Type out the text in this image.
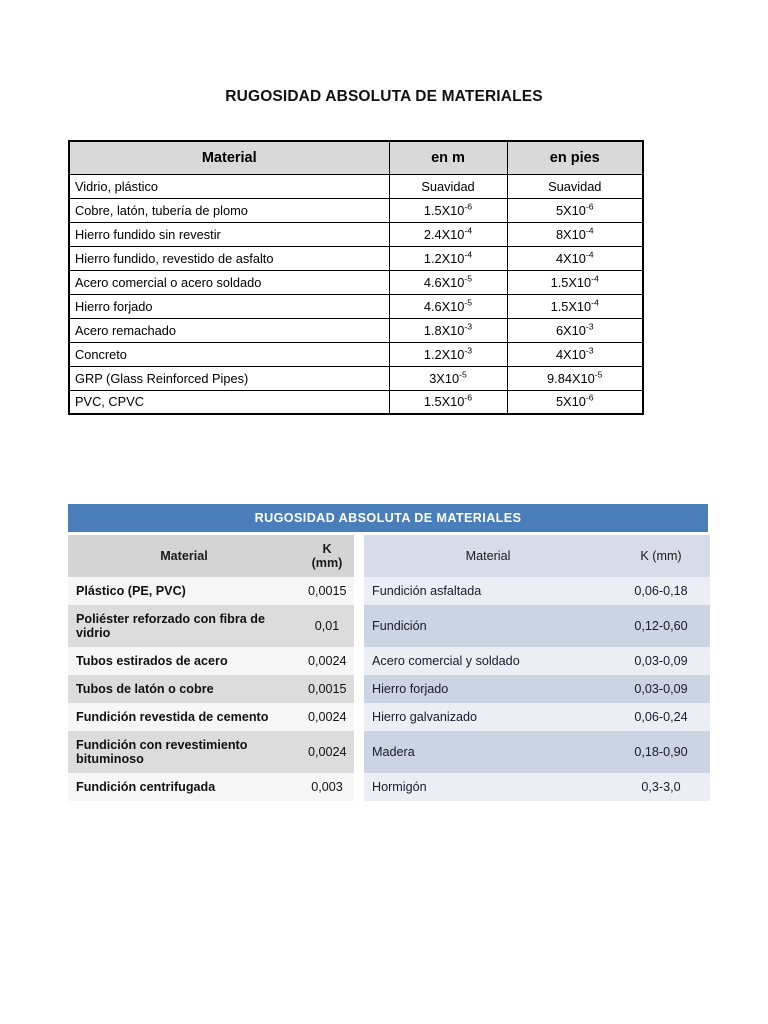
RUGOSIDAD ABSOLUTA DE MATERIALES
Material	en m	en pies
Vidrio, plástico	Suavidad	Suavidad
Cobre, latón, tubería de plomo	$1.5X10^{-6}$	$5X10^{-6}$
Hierro fundido sin revestir	$2.4X10^{-4}$	$8X10^{-4}$
Hierro fundido, revestido de asfalto	$1.2X10^{-4}$	$4X10^{-4}$
Acero comercial o acero soldado	$4.6X10^{-5}$	$1.5X10^{-4}$
Hierro forjado	$4.6X10^{-5}$	$1.5X10^{-4}$
Acero remachado	$1.8X10^{-3}$	$6X10^{-3}$
Concreto	$1.2X10^{-3}$	$4X10^{-3}$
GRP (Glass Reinforced Pipes)	$3X10^{-5}$	$9.84X10^{-5}$
PVC, CPVC	$1.5X10^{-6}$	$5X10^{-6}$
RUGOSIDAD ABSOLUTA DE MATERIALES
Material	K (mm)		Material	K (mm)
Plástico (PE, PVC)	0,0015		Fundición asfaltada	0,06-0,18
Poliéster reforzado con fibra de vidrio	0,01		Fundición	0,12-0,60
Tubos estirados de acero	0,0024		Acero comercial y soldado	0,03-0,09
Tubos de latón o cobre	0,0015		Hierro forjado	0,03-0,09
Fundición revestida de cemento	0,0024		Hierro galvanizado	0,06-0,24
Fundición con revestimiento bituminoso	0,0024		Madera	0,18-0,90
Fundición centrifugada	0,003		Hormigón	0,3-3,0
